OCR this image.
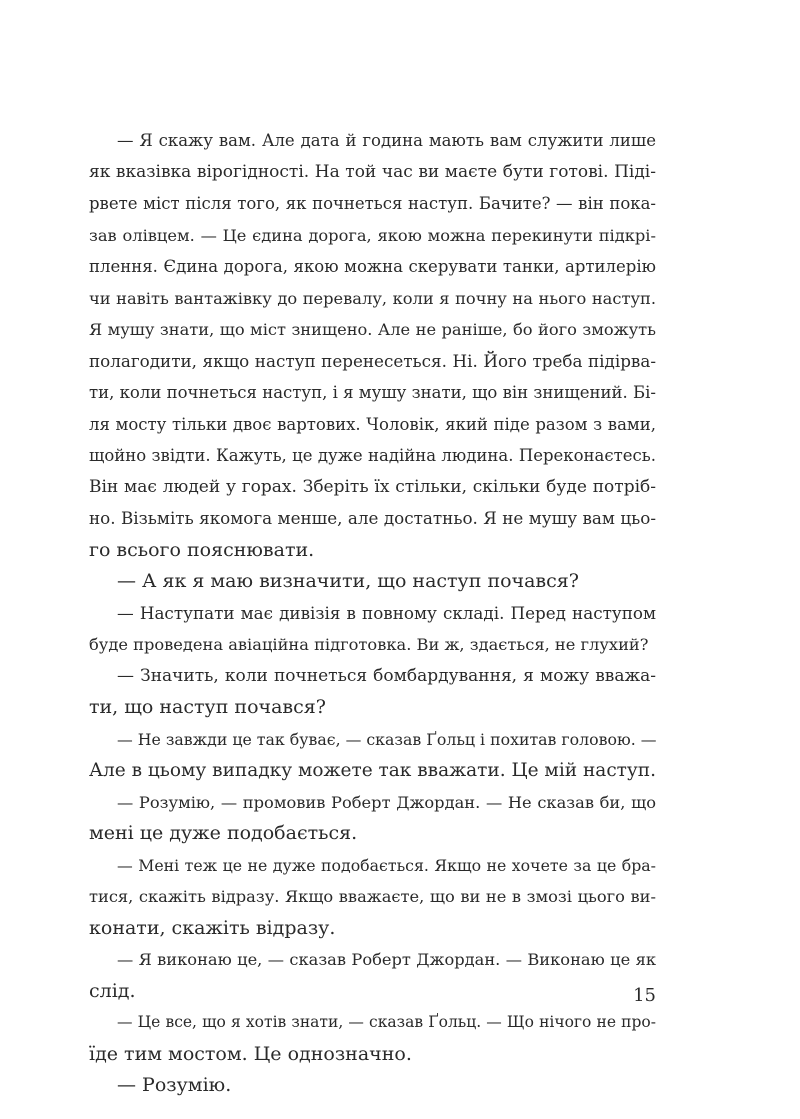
— Я скажу вам. Але дата й година мають вам служити лише
як вказівка вірогідності. На той час ви маєте бути готові. Піді-
рвете міст після того, як почнеться наступ. Бачите? — він пока-
зав олівцем. — Це єдина дорога, якою можна перекинути підкрі-
плення. Єдина дорога, якою можна скерувати танки, артилерію
чи навіть вантажівку до перевалу, коли я почну на нього наступ.
Я мушу знати, що міст знищено. Але не раніше, бо його зможуть
полагодити, якщо наступ перенесеться. Ні. Його треба підірва-
ти, коли почнеться наступ, і я мушу знати, що він знищений. Бі-
ля мосту тільки двоє вартових. Чоловік, який піде разом з вами,
щойно звідти. Кажуть, це дуже надійна людина. Переконаєтесь.
Він має людей у горах. Зберіть їх стільки, скільки буде потріб-
но. Візьміть якомога менше, але достатньо. Я не мушу вам цьо-
го всього пояснювати.
— А як я маю визначити, що наступ почався?
— Наступати має дивізія в повному складі. Перед наступом
буде проведена авіаційна підготовка. Ви ж, здається, не глухий?
— Значить, коли почнеться бомбардування, я можу вважа-
ти, що наступ почався?
— Не завжди це так буває, — сказав Ґольц і похитав головою. —
Але в цьому випадку можете так вважати. Це мій наступ.
— Розумію, — промовив Роберт Джордан. — Не сказав би, що
мені це дуже подобається.
— Мені теж це не дуже подобається. Якщо не хочете за це бра-
тися, скажіть відразу. Якщо вважаєте, що ви не в змозі цього ви-
конати, скажіть відразу.
— Я виконаю це, — сказав Роберт Джордан. — Виконаю це як
слід.
— Це все, що я хотів знати, — сказав Ґольц. — Що нічого не про-
їде тим мостом. Це однозначно.
— Розумію.
15
